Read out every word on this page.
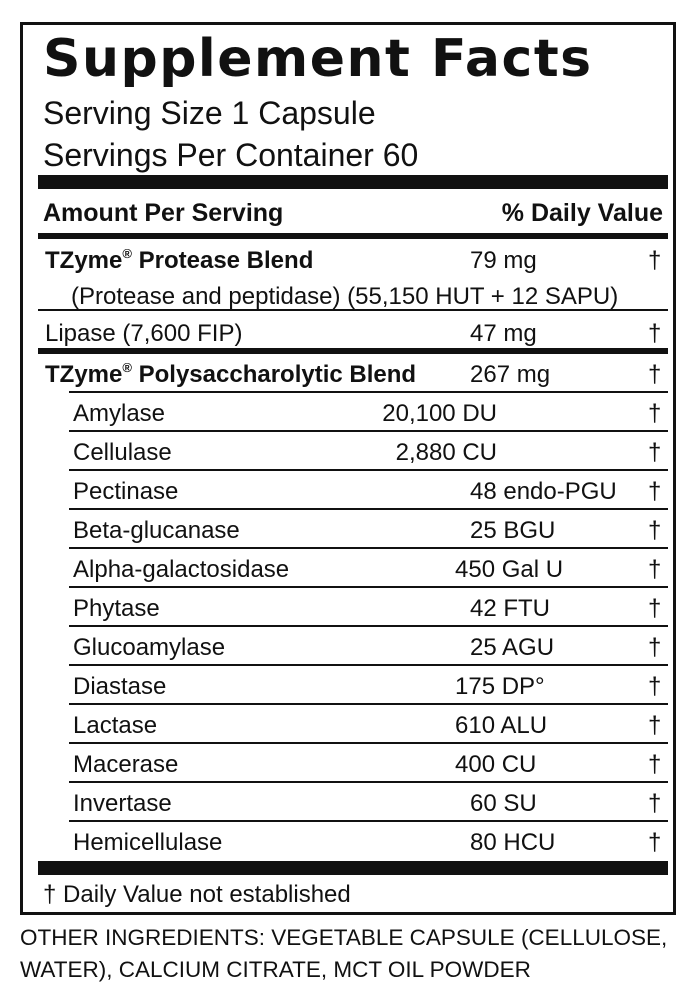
Supplement Facts
Serving Size 1 Capsule
Servings Per Container 60
Amount Per Serving	% Daily Value
TZyme® Protease Blend	79 mg	†
(Protease and peptidase) (55,150 HUT + 12 SAPU)
Lipase (7,600 FIP)	47 mg	†
TZyme® Polysaccharolytic Blend 267 mg	†
Amylase	20,100 DU	†
Cellulase	2,880 CU	†
Pectinase	48 endo-PGU †
Beta-glucanase	25 BGU	†
Alpha-galactosidase	450 Gal U	†
Phytase	42 FTU	†
Glucoamylase	25 AGU	†
Diastase	175 DP°	†
Lactase	610 ALU	†
Macerase	400 CU	†
Invertase	60 SU	†
Hemicellulase	80 HCU	†
† Daily Value not established
OTHER INGREDIENTS: VEGETABLE CAPSULE (CELLULOSE, WATER), CALCIUM CITRATE, MCT OIL POWDER
